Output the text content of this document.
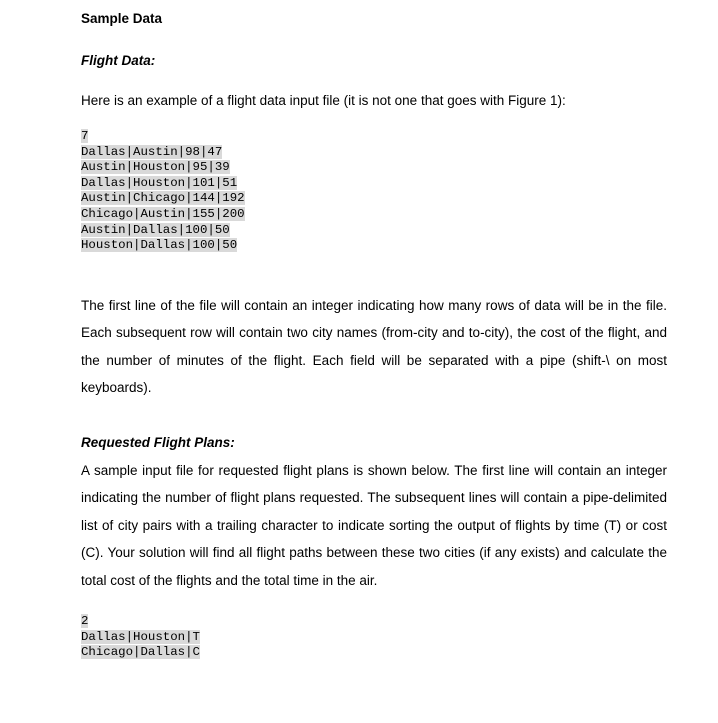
Sample Data
Flight Data:
Here is an example of a flight data input file (it is not one that goes with Figure 1):
7
Dallas|Austin|98|47
Austin|Houston|95|39
Dallas|Houston|101|51
Austin|Chicago|144|192
Chicago|Austin|155|200
Austin|Dallas|100|50
Houston|Dallas|100|50
The first line of the file will contain an integer indicating how many rows of data will be in the file. Each subsequent row will contain two city names (from-city and to-city), the cost of the flight, and the number of minutes of the flight. Each field will be separated with a pipe (shift-\ on most keyboards).
Requested Flight Plans:
A sample input file for requested flight plans is shown below. The first line will contain an integer indicating the number of flight plans requested. The subsequent lines will contain a pipe-delimited list of city pairs with a trailing character to indicate sorting the output of flights by time (T) or cost (C). Your solution will find all flight paths between these two cities (if any exists) and calculate the total cost of the flights and the total time in the air.
2
Dallas|Houston|T
Chicago|Dallas|C
